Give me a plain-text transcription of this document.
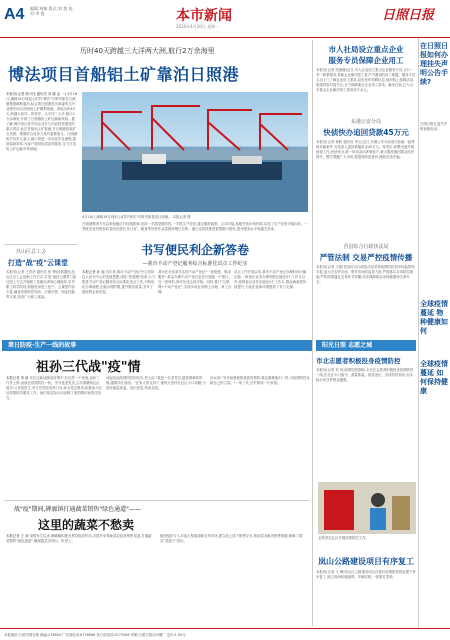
A4 编辑:林雄 版式:刘 俊 校对:李 俊	本市新闻
2020年4月20日 星期一
日照日报
历时40天跨越三大洋两大洲,航行2万余海里
博法项目首船铝土矿靠泊日照港
本报讯(记者 陈兴伟 通讯员 刘 娜 孟 一) 4月18日,满载18万吨铝土矿的"博法"号散货船在日照港集团顺利靠泊,标志着日照港首次承接的几内亚博法项目首船铝土矿顺利抵港。该轮历时40天,跨越大西洋、印度洋、太平洋三大洋,航行2万余海里,开辟了日照港铝土矿运输新航线。据了解,博法项目是中国企业在几内亚投资建设的重点项目,此次首船铝土矿抵港,对日照港拓展矿石货源、增强综合竞争力具有重要意义。日照港相关负责人表示,港口将进一步优化作业流程,提高装卸效率,为客户提供优质高效服务,全力打造铝土矿运输中转基地。
4月18日,满载18万吨铝土矿的"博法"号散货船靠泊日照港。 本报记者 摄
日照港集团今年以来积极应对疫情影响,坚持一手抓疫情防控,一手抓生产经营,通过精准施策、主动对接,积极开拓市场货源,实现了生产经营平稳向好。一季度完成货物吞吐量同比增长,铝土矿、粮食等货种作业量保持增长态势。港口还持续推进智慧港口建设,提升服务水平和通关效率。
市人社局设立重点企业
服务专员保障企业用工
本报讯(记者 张丽娜)近日,市人社局设立重点企业服务专员,实行一对一联系服务,帮助企业解决复工复产中遇到的用工难题。服务专员主动上门了解企业用工需求,及时发布招聘信息,组织线上招聘活动,搭建供需对接平台,全力保障重点企业用工需求。截至目前,已为全市重点企业解决用工需求两千余人。
东港公安分局
快侦快办追回贷款45万元
本报讯(记者 杨帆 通讯员 李文)近日,东港公安分局成功侦破一起贷款诈骗案件,为受害人追回被骗资金45万元。案发后,民警迅速开展侦查工作,快侦快办,第一时间冻结涉案账户,最大限度挽回群众经济损失。警方提醒广大市民,要提高防范意识,谨防各类诈骗。
莒县综合行政执法局
严管法制 交易严控疫情传播
本报讯(记者 王强)莒县综合行政执法局坚持疫情防控和市场监管两手抓,加大对农贸市场、集贸市场的巡查力度,严格落实各项防控措施,严防疫情通过交易环节传播,切实保障群众身体健康和生命安全。
莒山区总工会
打造"战"疫"云课堂
本报讯(记者 王青华 通讯员 张 博)疫情期间,莒山区总工会创新工作方式,打造"战疫云课堂",通过线上方式开展职工技能培训和心理疏导,引导职工科学防疫,积极投身复工复产。云课堂内容丰富,涵盖疫情防控知识、法律法规、职业技能等方面,受到广大职工欢迎。
书写便民利企新答卷
—我市不动产登记服务综合标准化试点工作纪实
本报记者 孙 丽 近年来,我市不动产登记中心坚持以人民为中心的发展思想,深化"放管服"改革,大力推进不动产登记服务综合标准化试点工作,不断优化办事流程,压缩办理时限,提升服务质量,书写了便民利企新答卷。
我市在全省率先实现不动产登记"一窗受理、集成服务",群众办理不动产登记业务只需跑一个窗口、交一套材料,即可完成全部手续。同时,推行"互联网+不动产登记",实现多项业务网上办理、掌上办理。
试点工作开展以来,我市不动产登记办理时间大幅压缩,一般登记业务办理时限压缩至3个工作日以内,抵押登记业务压缩至1个工作日,群众满意度持续提升,为优化营商环境提供了有力支撑。
莱日防疫·生产一线的故事
祖孙三代战"疫"情
本报记者 刘 新 在抗击新冠肺炎疫情中,有这样一个家庭,祖孙三代齐上阵,奋战在疫情防控一线。爷爷是老党员,主动请缨到社区值守;父亲是医生,坚守在医院发热门诊;孙女是志愿者,积极参与社区疫情防控服务工作。他们用实际行动诠释了家国情怀和责任担当。
谈起参加疫情防控的经历,老人说:"我是一名老党员,越是困难的时候,越要冲在前面。"在家人的支持下,他每天坚持在社区卡口执勤,为居民测量体温、登记信息,风雨无阻。
孙女说:"爷爷和爸爸都是我的榜样,我也要像他们一样,为疫情防控贡献自己的力量。"一家三代,守护着同一片家园。
战"疫"期间,碑廓镇打通蔬菜销售"绿色通道"——
这里的蔬菜不愁卖
本报记者 王 涛 疫情发生以来,碑廓镇积极发挥党组织作用,多措并举帮助菜农拓宽销售渠道,打通蔬菜销售"绿色通道",确保蔬菜卖得出、供得上。
镇里组织专人对接大型商超和农贸市场,建立线上线下销售平台,帮助菜农解决销售难题,保障了群众"菜篮子"供应。
阳光日照 志愿之城
市北志愿者积极投身疫情防控
本报讯(记者 刘 伟)疫情防控期间,市北区志愿者积极投身疫情防控一线,在社区卡口值守、测量体温、排查登记、宣传防疫知识,用实际行动守护群众健康。
志愿者在社区开展疫情防控工作。
岚山公路建设项目有序复工
本报讯(记者 王 峰)岚山区公路建设项目在做好疫情防控的前提下有序复工,施工现场机械轰鸣、车辆穿梭,一派繁忙景象。
在日照日报如何办理挂失声明公告手续?
日照日报社遗失声明登报电话:
全球疫情蔓延 物种健康如何
全球疫情蔓延 如何保持健康
本报地址:日照市烟台路 邮编:276800 广告部电话:8776666 发行部电话:8775366 印刷:日照日报社印刷厂 定价:1.50元
